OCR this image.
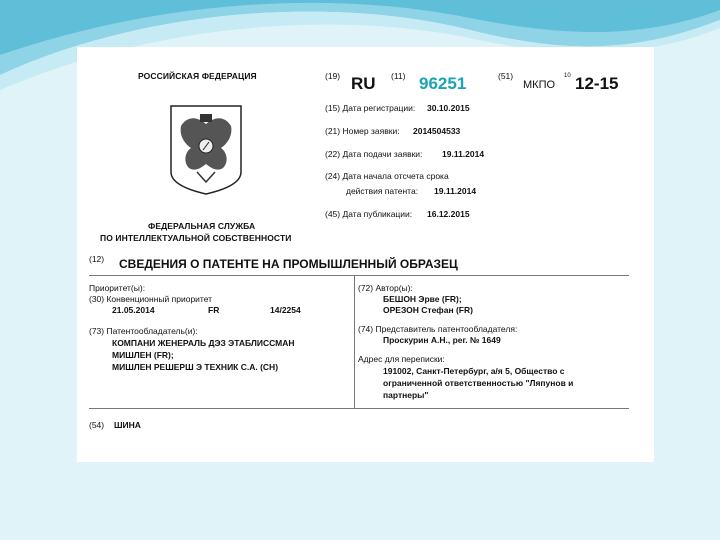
РОССИЙСКАЯ ФЕДЕРАЦИЯ
ФЕДЕРАЛЬНАЯ СЛУЖБА
ПО ИНТЕЛЛЕКТУАЛЬНОЙ СОБСТВЕННОСТИ
(19) RU (11) 96251	(51)
МКПО
10 12-15
(15) Дата регистрации: 30.10.2015
(21) Номер заявки: 2014504533
(22) Дата подачи заявки: 19.11.2014
(24) Дата начала отсчета срока
действия патента: 19.11.2014
(45) Дата публикации: 16.12.2015
(12) СВЕДЕНИЯ О ПАТЕНТЕ НА ПРОМЫШЛЕННЫЙ ОБРАЗЕЦ
Приоритет(ы):
(30) Конвенционный приоритет
21.05.2014	FR	14/2254
(73) Патентообладатель(и):
КОМПАНИ ЖЕНЕРАЛЬ ДЭЗ ЭТАБЛИССМАН
МИШЛЕН (FR);
МИШЛЕН РЕШЕРШ Э ТЕХНИК С.А. (CH)
(72) Автор(ы):
БЕШОН Эрве (FR);
ОРЕЗОН Стефан (FR)
(74) Представитель патентообладателя:
Проскурин А.Н., рег. № 1649
Адрес для переписки:
191002, Санкт-Петербург, а/я 5, Общество с
ограниченной ответственностью "Ляпунов и
партнеры"
(54) ШИНА
